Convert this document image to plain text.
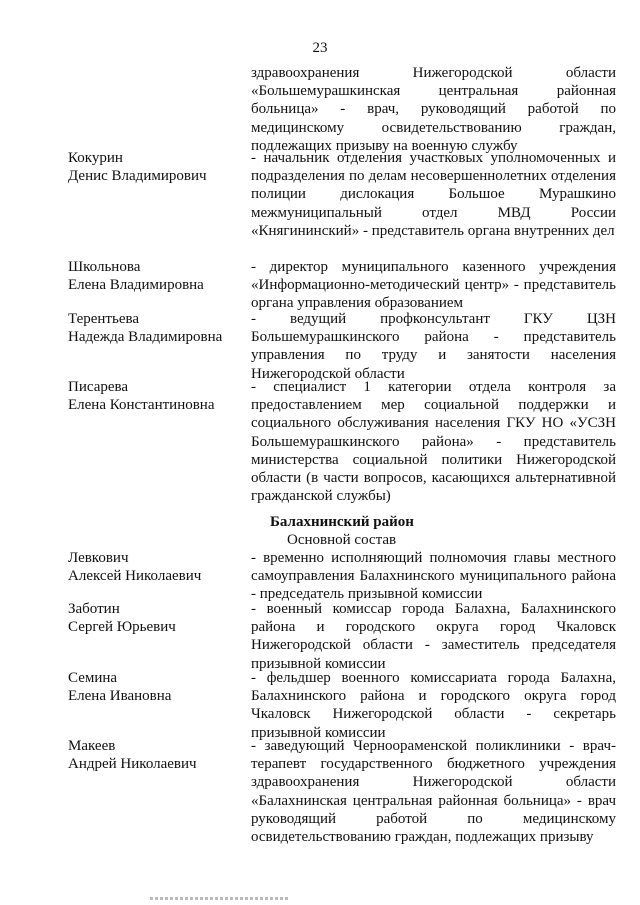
23
здравоохранения Нижегородской области «Большемурашкинская центральная районная больница» - врач, руководящий работой по медицинскому освидетельствованию граждан, подлежащих призыву на военную службу
Кокурин
Денис Владимирович
- начальник отделения участковых уполномоченных и подразделения по делам несовершеннолетних отделения полиции дислокация Большое Мурашкино межмуниципальный отдел МВД России «Княгининский» - представитель органа внутренних дел
Школьнова
Елена Владимировна
- директор муниципального казенного учреждения «Информационно-методический центр» - представитель органа управления образованием
Терентьева
Надежда Владимировна
- ведущий профконсультант ГКУ ЦЗН Большемурашкинского района - представитель управления по труду и занятости населения Нижегородской области
Писарева
Елена Константиновна
- специалист 1 категории отдела контроля за предоставлением мер социальной поддержки и социального обслуживания населения ГКУ НО «УСЗН Большемурашкинского района» - представитель министерства социальной политики Нижегородской области (в части вопросов, касающихся альтернативной гражданской службы)
Балахнинский район
Основной состав
Левкович
Алексей Николаевич
- временно исполняющий полномочия главы местного самоуправления Балахнинского муниципального района - председатель призывной комиссии
Заботин
Сергей Юрьевич
- военный комиссар города Балахна, Балахнинского района и городского округа город Чкаловск Нижегородской области - заместитель председателя призывной комиссии
Семина
Елена Ивановна
- фельдшер военного комиссариата города Балахна, Балахнинского района и городского округа город Чкаловск Нижегородской области - секретарь призывной комиссии
Макеев
Андрей Николаевич
- заведующий Черноораменской поликлиники - врач-терапевт государственного бюджетного учреждения здравоохранения Нижегородской области «Балахнинская центральная районная больница» - врач руководящий работой по медицинскому освидетельствованию граждан, подлежащих призыву
